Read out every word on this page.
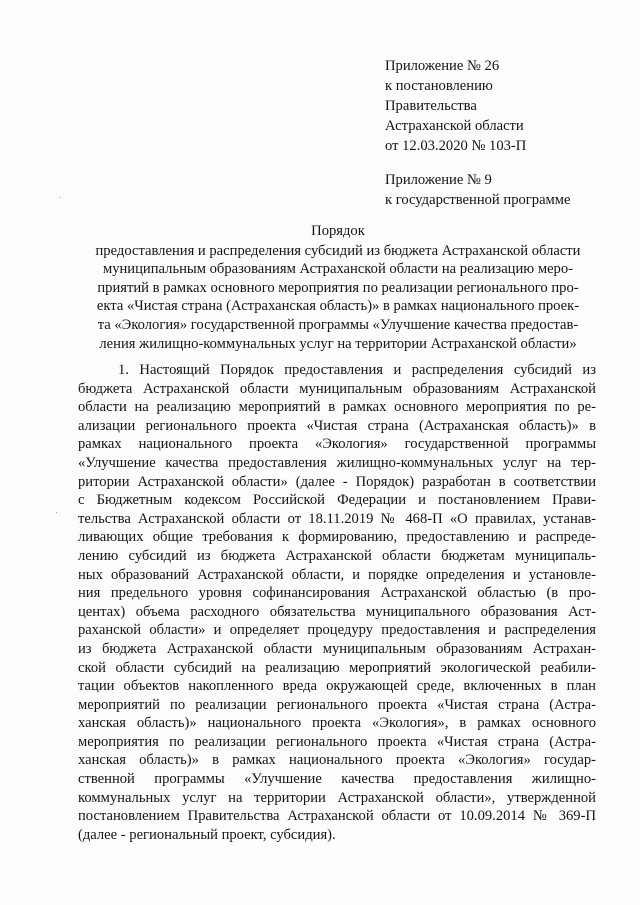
Приложение № 26
к постановлению
Правительства
Астраханской области
от 12.03.2020 № 103-П
Приложение № 9
к государственной программе
Порядок
предоставления и распределения субсидий из бюджета Астраханской области
муниципальным образованиям Астраханской области на реализацию меро-
приятий в рамках основного мероприятия по реализации регионального про-
екта «Чистая страна (Астраханская область)» в рамках национального проек-
та «Экология» государственной программы «Улучшение качества предостав-
ления жилищно-коммунальных услуг на территории Астраханской области»
1. Настоящий Порядок предоставления и распределения субсидий из
бюджета Астраханской области муниципальным образованиям Астраханской
области на реализацию мероприятий в рамках основного мероприятия по ре-
ализации регионального проекта «Чистая страна (Астраханская область)» в
рамках национального проекта «Экология» государственной программы
«Улучшение качества предоставления жилищно-коммунальных услуг на тер-
ритории Астраханской области» (далее - Порядок) разработан в соответствии
с Бюджетным кодексом Российской Федерации и постановлением Прави-
тельства Астраханской области от 18.11.2019 № 468-П «О правилах, устанав-
ливающих общие требования к формированию, предоставлению и распреде-
лению субсидий из бюджета Астраханской области бюджетам муниципаль-
ных образований Астраханской области, и порядке определения и установле-
ния предельного уровня софинансирования Астраханской областью (в про-
центах) объема расходного обязательства муниципального образования Аст-
раханской области» и определяет процедуру предоставления и распределения
из бюджета Астраханской области муниципальным образованиям Астрахан-
ской области субсидий на реализацию мероприятий экологической реабили-
тации объектов накопленного вреда окружающей среде, включенных в план
мероприятий по реализации регионального проекта «Чистая страна (Астра-
ханская область)» национального проекта «Экология», в рамках основного
мероприятия по реализации регионального проекта «Чистая страна (Астра-
ханская область)» в рамках национального проекта «Экология» государ-
ственной программы «Улучшение качества предоставления жилищно-
коммунальных услуг на территории Астраханской области», утвержденной
постановлением Правительства Астраханской области от 10.09.2014 № 369-П
(далее - региональный проект, субсидия).
